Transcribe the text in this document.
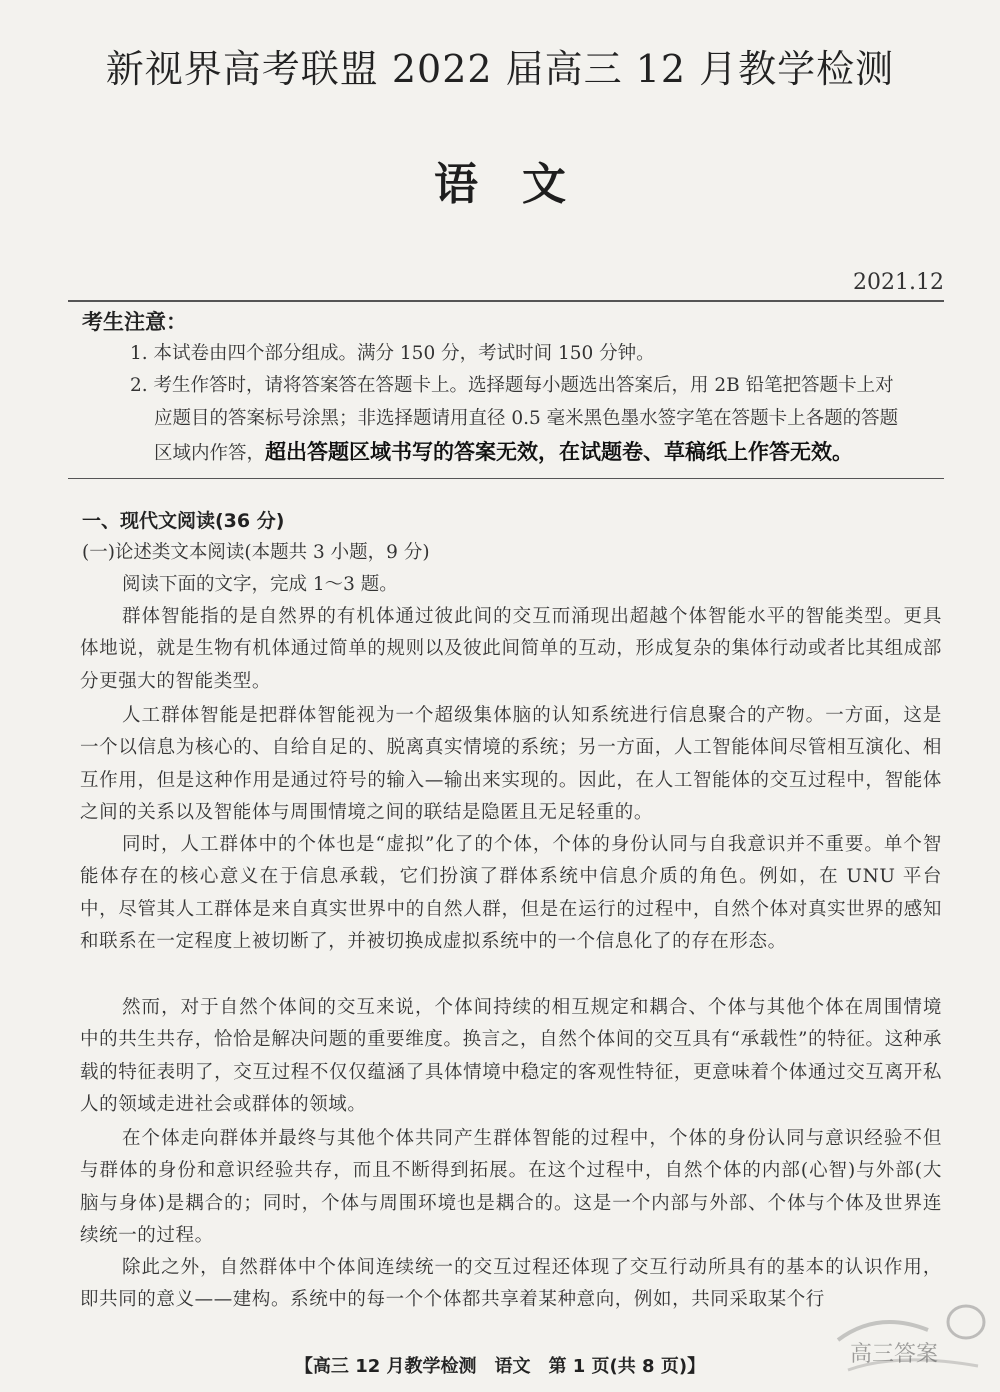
新视界高考联盟 2022 届高三 12 月教学检测
语文
2021.12
考生注意：
1. 本试卷由四个部分组成。满分 150 分，考试时间 150 分钟。
2. 考生作答时，请将答案答在答题卡上。选择题每小题选出答案后，用 2B 铅笔把答题卡上对
应题目的答案标号涂黑；非选择题请用直径 0.5 毫米黑色墨水签字笔在答题卡上各题的答题
区域内作答，超出答题区域书写的答案无效，在试题卷、草稿纸上作答无效。
一、现代文阅读(36 分)
(一)论述类文本阅读(本题共 3 小题，9 分)
阅读下面的文字，完成 1～3 题。
群体智能指的是自然界的有机体通过彼此间的交互而涌现出超越个体智能水平的智能类型。更具体地说，就是生物有机体通过简单的规则以及彼此间简单的互动，形成复杂的集体行动或者比其组成部分更强大的智能类型。
人工群体智能是把群体智能视为一个超级集体脑的认知系统进行信息聚合的产物。一方面，这是一个以信息为核心的、自给自足的、脱离真实情境的系统；另一方面，人工智能体间尽管相互演化、相互作用，但是这种作用是通过符号的输入—输出来实现的。因此，在人工智能体的交互过程中，智能体之间的关系以及智能体与周围情境之间的联结是隐匿且无足轻重的。
同时，人工群体中的个体也是“虚拟”化了的个体，个体的身份认同与自我意识并不重要。单个智能体存在的核心意义在于信息承载，它们扮演了群体系统中信息介质的角色。例如，在 UNU 平台中，尽管其人工群体是来自真实世界中的自然人群，但是在运行的过程中，自然个体对真实世界的感知和联系在一定程度上被切断了，并被切换成虚拟系统中的一个信息化了的存在形态。
然而，对于自然个体间的交互来说，个体间持续的相互规定和耦合、个体与其他个体在周围情境中的共生共存，恰恰是解决问题的重要维度。换言之，自然个体间的交互具有“承载性”的特征。这种承载的特征表明了，交互过程不仅仅蕴涵了具体情境中稳定的客观性特征，更意味着个体通过交互离开私人的领域走进社会或群体的领域。
在个体走向群体并最终与其他个体共同产生群体智能的过程中，个体的身份认同与意识经验不但与群体的身份和意识经验共存，而且不断得到拓展。在这个过程中，自然个体的内部(心智)与外部(大脑与身体)是耦合的；同时，个体与周围环境也是耦合的。这是一个内部与外部、个体与个体及世界连续统一的过程。
除此之外，自然群体中个体间连续统一的交互过程还体现了交互行动所具有的基本的认识作用，即共同的意义——建构。系统中的每一个个体都共享着某种意向，例如，共同采取某个行
【高三 12 月教学检测　语文　第 1 页(共 8 页)】	高三答案
